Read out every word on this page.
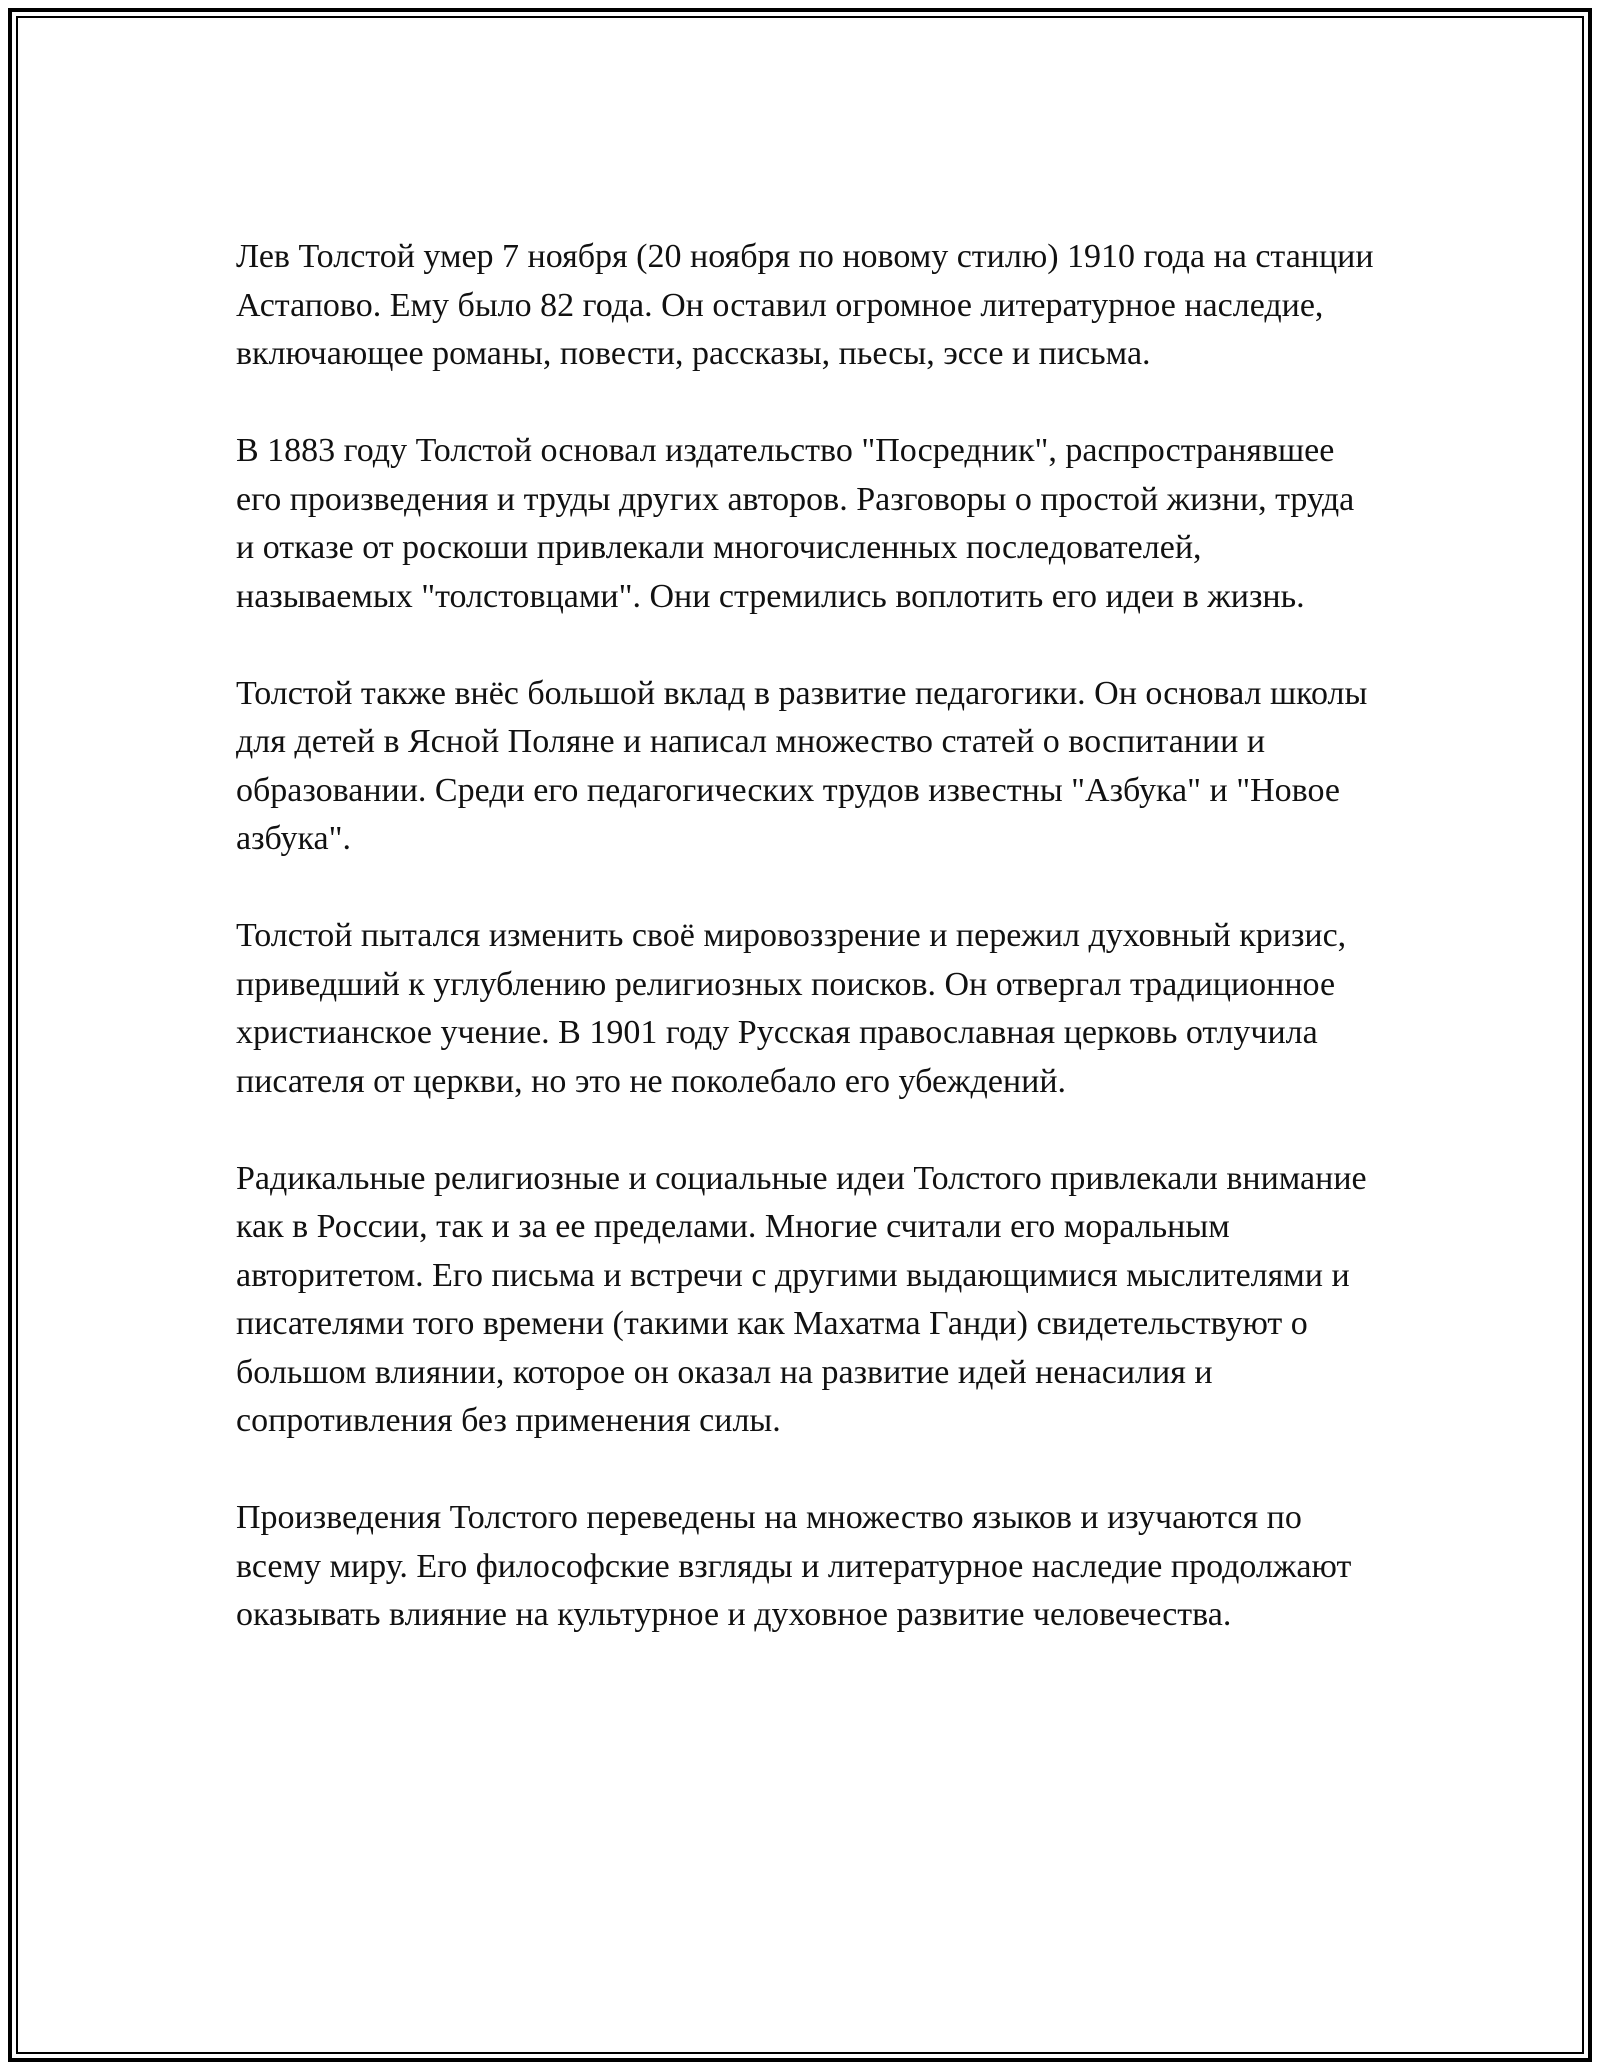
Лев Толстой умер 7 ноября (20 ноября по новому стилю) 1910 года на станции Астапово. Ему было 82 года. Он оставил огромное литературное наследие, включающее романы, повести, рассказы, пьесы, эссе и письма.

В 1883 году Толстой основал издательство "Посредник", распространявшее его произведения и труды других авторов. Разговоры о простой жизни, труда и отказе от роскоши привлекали многочисленных последователей, называемых "толстовцами". Они стремились воплотить его идеи в жизнь.

Толстой также внёс большой вклад в развитие педагогики. Он основал школы для детей в Ясной Поляне и написал множество статей о воспитании и образовании. Среди его педагогических трудов известны "Азбука" и "Новое азбука".

Толстой пытался изменить своё мировоззрение и пережил духовный кризис, приведший к углублению религиозных поисков. Он отвергал традиционное христианское учение. В 1901 году Русская православная церковь отлучила писателя от церкви, но это не поколебало его убеждений.

Радикальные религиозные и социальные идеи Толстого привлекали внимание как в России, так и за ее пределами. Многие считали его моральным авторитетом. Его письма и встречи с другими выдающимися мыслителями и писателями того времени (такими как Махатма Ганди) свидетельствуют о большом влиянии, которое он оказал на развитие идей ненасилия и сопротивления без применения силы.

Произведения Толстого переведены на множество языков и изучаются по всему миру. Его философские взгляды и литературное наследие продолжают оказывать влияние на культурное и духовное развитие человечества.
